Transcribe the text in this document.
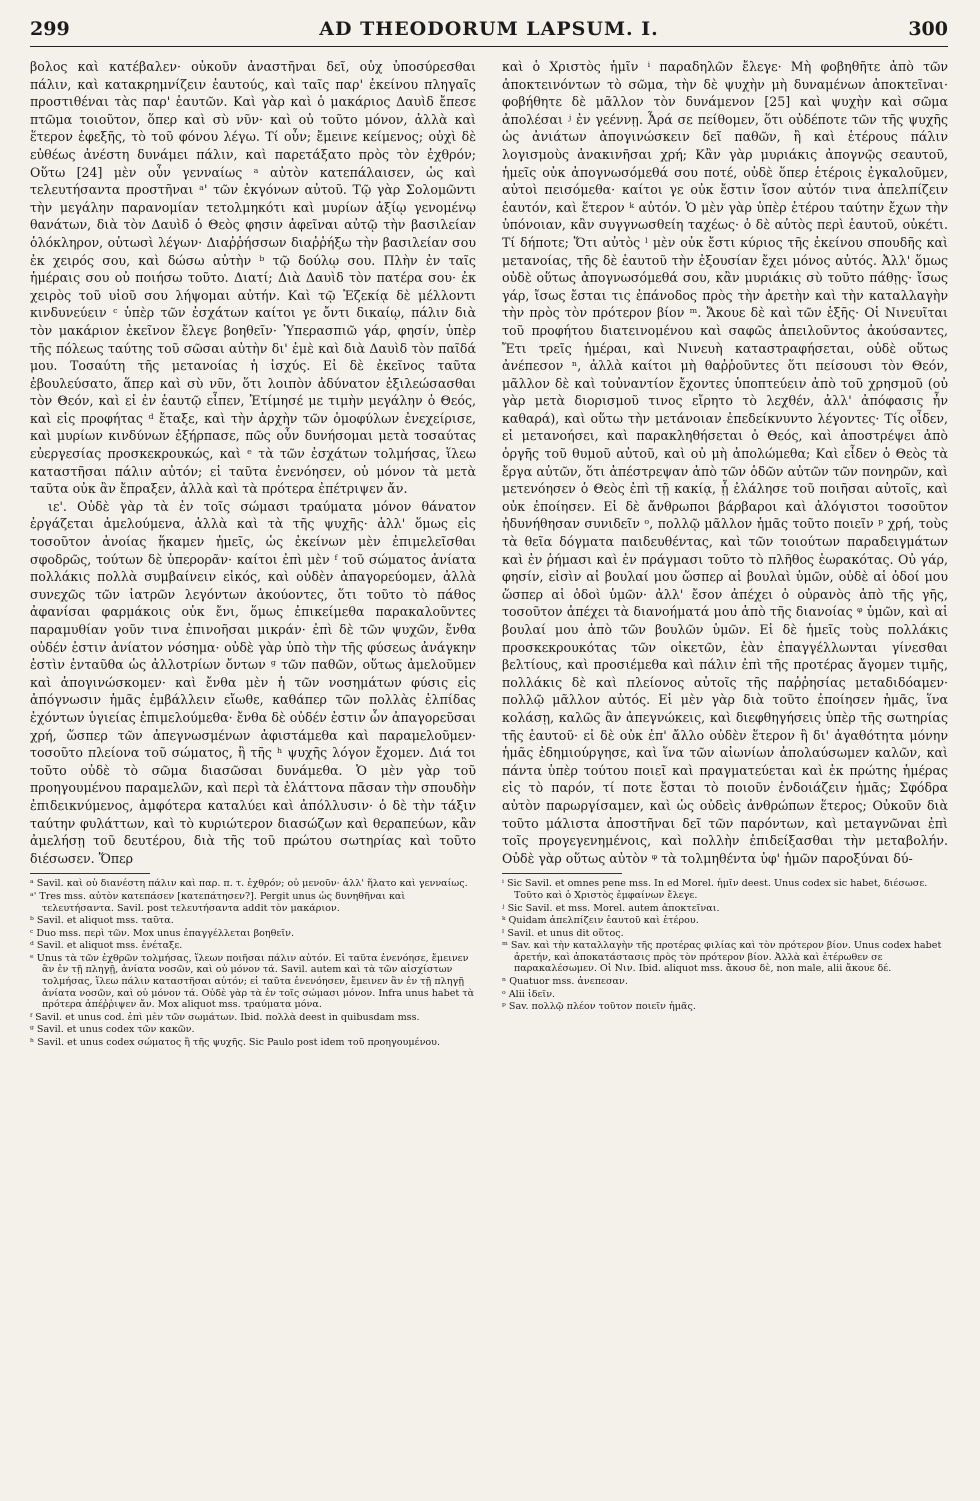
299	AD THEODORUM LAPSUM. I.	300

βολος καὶ κατέβαλεν· οὐκοῦν ἀναστῆναι δεῖ, οὐχ ὑποσύρεσθαι πάλιν, καὶ κατακρημνίζειν ἑαυτούς, καὶ ταῖς παρ' ἐκείνου πληγαῖς προστιθέναι τὰς παρ' ἑαυτῶν. Καὶ γὰρ καὶ ὁ μακάριος Δαυὶδ ἔπεσε πτῶμα τοιοῦτον, ὅπερ καὶ σὺ νῦν· καὶ οὐ τοῦτο μόνον, ἀλλὰ καὶ ἕτερον ἐφεξῆς, τὸ τοῦ φόνου λέγω. Τί οὖν; ἔμεινε κείμενος; οὐχὶ δὲ εὐθέως ἀνέστη δυνάμει πάλιν, καὶ παρετάξατο πρὸς τὸν ἐχθρόν; Οὕτω [24] μὲν οὖν γενναίως ᵃ αὐτὸν κατεπάλαισεν, ὡς καὶ τελευτήσαντα προστῆναι ᵃ' τῶν ἐκγόνων αὐτοῦ. Τῷ γὰρ Σολομῶντι τὴν μεγάλην παρανομίαν τετολμηκότι καὶ μυρίων ἀξίῳ γενομένῳ θανάτων, διὰ τὸν Δαυὶδ ὁ Θεὸς φησιν ἀφεῖναι αὐτῷ τὴν βασιλείαν ὁλόκληρον, οὑτωσὶ λέγων· Διαῤῥήσσων διαῤῥήξω τὴν βασιλείαν σου ἐκ χειρός σου, καὶ δώσω αὐτὴν ᵇ τῷ δούλῳ σου. Πλὴν ἐν ταῖς ἡμέραις σου οὐ ποιήσω τοῦτο. Διατί; Διὰ Δαυὶδ τὸν πατέρα σου· ἐκ χειρὸς τοῦ υἱοῦ σου λήψομαι αὐτήν. Καὶ τῷ Ἐζεκίᾳ δὲ μέλλοντι κινδυνεύειν ᶜ ὑπὲρ τῶν ἐσχάτων καίτοι γε ὄντι δικαίῳ, πάλιν διὰ τὸν μακάριον ἐκεῖνον ἔλεγε βοηθεῖν· Ὑπερασπιῶ γάρ, φησίν, ὑπὲρ τῆς πόλεως ταύτης τοῦ σῶσαι αὐτὴν δι' ἐμὲ καὶ διὰ Δαυὶδ τὸν παῖδά μου. Τοσαύτη τῆς μετανοίας ἡ ἰσχύς. Εἰ δὲ ἐκεῖνος ταῦτα ἐβουλεύσατο, ἅπερ καὶ σὺ νῦν, ὅτι λοιπὸν ἀδύνατον ἐξιλεώσασθαι τὸν Θεόν, καὶ εἰ ἐν ἑαυτῷ εἶπεν, Ἐτίμησέ με τιμὴν μεγάλην ὁ Θεός, καὶ εἰς προφήτας ᵈ ἔταξε, καὶ τὴν ἀρχὴν τῶν ὁμοφύλων ἐνεχείρισε, καὶ μυρίων κινδύνων ἐξήρπασε, πῶς οὖν δυνήσομαι μετὰ τοσαύτας εὐεργεσίας προσκεκρουκώς, καὶ ᵉ τὰ τῶν ἐσχάτων τολμήσας, ἵλεω καταστῆσαι πάλιν αὐτόν; εἰ ταῦτα ἐνενόησεν, οὐ μόνον τὰ μετὰ ταῦτα οὐκ ἂν ἔπραξεν, ἀλλὰ καὶ τὰ πρότερα ἐπέτριψεν ἄν.

ιε'. Οὐδὲ γὰρ τὰ ἐν τοῖς σώμασι τραύματα μόνον θάνατον ἐργάζεται ἀμελούμενα, ἀλλὰ καὶ τὰ τῆς ψυχῆς· ἀλλ' ὅμως εἰς τοσοῦτον ἀνοίας ἥκαμεν ἡμεῖς, ὡς ἐκείνων μὲν ἐπιμελεῖσθαι σφοδρῶς, τούτων δὲ ὑπερορᾶν· καίτοι ἐπὶ μὲν ᶠ τοῦ σώματος ἀνίατα πολλάκις πολλὰ συμβαίνειν εἰκός, καὶ οὐδὲν ἀπαγορεύομεν, ἀλλὰ συνεχῶς τῶν ἰατρῶν λεγόντων ἀκούοντες, ὅτι τοῦτο τὸ πάθος ἀφανίσαι φαρμάκοις οὐκ ἔνι, ὅμως ἐπικείμεθα παρακαλοῦντες παραμυθίαν γοῦν τινα ἐπινοῆσαι μικράν· ἐπὶ δὲ τῶν ψυχῶν, ἔνθα οὐδέν ἐστιν ἀνίατον νόσημα· οὐδὲ γὰρ ὑπὸ τὴν τῆς φύσεως ἀνάγκην ἐστὶν ἐνταῦθα ὡς ἀλλοτρίων ὄντων ᵍ τῶν παθῶν, οὕτως ἀμελοῦμεν καὶ ἀπογινώσκομεν· καὶ ἔνθα μὲν ἡ τῶν νοσημάτων φύσις εἰς ἀπόγνωσιν ἡμᾶς ἐμβάλλειν εἴωθε, καθάπερ τῶν πολλὰς ἐλπίδας ἐχόντων ὑγιείας ἐπιμελούμεθα· ἔνθα δὲ οὐδέν ἐστιν ὧν ἀπαγορεῦσαι χρή, ὥσπερ τῶν ἀπεγνωσμένων ἀφιστάμεθα καὶ παραμελοῦμεν· τοσοῦτο πλείονα τοῦ σώματος, ἢ τῆς ʰ ψυχῆς λόγον ἔχομεν. Διά τοι τοῦτο οὐδὲ τὸ σῶμα διασῶσαι δυνάμεθα. Ὁ μὲν γὰρ τοῦ προηγουμένου παραμελῶν, καὶ περὶ τὰ ἐλάττονα πᾶσαν τὴν σπουδὴν ἐπιδεικνύμενος, ἀμφότερα καταλύει καὶ ἀπόλλυσιν· ὁ δὲ τὴν τάξιν ταύτην φυλάττων, καὶ τὸ κυριώτερον διασώζων καὶ θεραπεύων, κἂν ἀμελήσῃ τοῦ δευτέρου, διὰ τῆς τοῦ πρώτου σωτηρίας καὶ τοῦτο διέσωσεν. Ὅπερ

ᵃ Savil. καὶ οὐ διανέστη πάλιν καὶ παρ. π. τ. ἐχθρόν; οὐ μενοῦν· ἀλλ' ἥλατο καὶ γενναίως.
ᵃ' Tres mss. αὐτὸν κατεπάσεν [κατεπάτησεν?]. Pergit unus ὡς δυνηθῆναι καὶ τελευτήσαντα. Savil. post τελευτήσαντα addit τὸν μακάριον.
ᵇ Savil. et aliquot mss. ταῦτα.
ᶜ Duo mss. περὶ τῶν. Mox unus ἐπαγγέλλεται βοηθεῖν.
ᵈ Savil. et aliquot mss. ἐνέταξε.
ᵉ Unus τὰ τῶν ἐχθρῶν τολμήσας, ἵλεων ποιῆσαι πάλιν αὐτόν. Εἰ ταῦτα ἐνενόησε, ἔμεινεν ἂν ἐν τῇ πληγῇ, ἀνίατα νοσῶν, καὶ οὐ μόνον τά. Savil. autem καὶ τὰ τῶν αἰσχίστων τολμήσας, ἵλεω πάλιν καταστῆσαι αὐτόν; εἰ ταῦτα ἐνενόησεν, ἔμεινεν ἂν ἐν τῇ πληγῇ ἀνίατα νοσῶν, καὶ οὐ μόνον τά. Οὐδὲ γὰρ τὰ ἐν τοῖς σώμασι μόνον. Infra unus habet τὰ πρότερα ἀπέῤῥιψεν ἄν. Mox aliquot mss. τραύματα μόνα.
ᶠ Savil. et unus cod. ἐπὶ μὲν τῶν σωμάτων. Ibid. πολλὰ deest in quibusdam mss.
ᵍ Savil. et unus codex τῶν κακῶν.
ʰ Savil. et unus codex σώματος ἢ τῆς ψυχῆς. Sic Paulo post idem τοῦ προηγουμένου.

καὶ ὁ Χριστὸς ἡμῖν ⁱ παραδηλῶν ἔλεγε· Μὴ φοβηθῆτε ἀπὸ τῶν ἀποκτεινόντων τὸ σῶμα, τὴν δὲ ψυχὴν μὴ δυναμένων ἀποκτεῖναι· φοβήθητε δὲ μᾶλλον τὸν δυνάμενον [25] καὶ ψυχὴν καὶ σῶμα ἀπολέσαι ʲ ἐν γεέννῃ. Ἆρά σε πείθομεν, ὅτι οὐδέποτε τῶν τῆς ψυχῆς ὡς ἀνιάτων ἀπογινώσκειν δεῖ παθῶν, ἢ καὶ ἑτέρους πάλιν λογισμοὺς ἀνακινῆσαι χρή; Κἂν γὰρ μυριάκις ἀπογνῷς σεαυτοῦ, ἡμεῖς οὐκ ἀπογνωσόμεθά σου ποτέ, οὐδὲ ὅπερ ἑτέροις ἐγκαλοῦμεν, αὐτοὶ πεισόμεθα· καίτοι γε οὐκ ἔστιν ἴσον αὐτόν τινα ἀπελπίζειν ἑαυτόν, καὶ ἕτερον ᵏ αὐτόν. Ὁ μὲν γὰρ ὑπὲρ ἑτέρου ταύτην ἔχων τὴν ὑπόνοιαν, κἂν συγγνωσθείη ταχέως· ὁ δὲ αὐτὸς περὶ ἑαυτοῦ, οὐκέτι. Τί δήποτε; Ὅτι αὐτὸς ˡ μὲν οὐκ ἔστι κύριος τῆς ἐκείνου σπουδῆς καὶ μετανοίας, τῆς δὲ ἑαυτοῦ τὴν ἐξουσίαν ἔχει μόνος αὐτός. Ἀλλ' ὅμως οὐδὲ οὕτως ἀπογνωσόμεθά σου, κἂν μυριάκις σὺ τοῦτο πάθῃς· ἴσως γάρ, ἴσως ἔσται τις ἐπάνοδος πρὸς τὴν ἀρετὴν καὶ τὴν καταλλαγὴν τὴν πρὸς τὸν πρότερον βίον ᵐ. Ἄκουε δὲ καὶ τῶν ἑξῆς· Οἱ Νινευῖται τοῦ προφήτου διατεινομένου καὶ σαφῶς ἀπειλοῦντος ἀκούσαντες, Ἔτι τρεῖς ἡμέραι, καὶ Νινευὴ καταστραφήσεται, οὐδὲ οὕτως ἀνέπεσον ⁿ, ἀλλὰ καίτοι μὴ θαῤῥοῦντες ὅτι πείσουσι τὸν Θεόν, μᾶλλον δὲ καὶ τοὐναντίον ἔχοντες ὑποπτεύειν ἀπὸ τοῦ χρησμοῦ (οὐ γὰρ μετὰ διορισμοῦ τινος εἴρητο τὸ λεχθέν, ἀλλ' ἀπόφασις ἦν καθαρά), καὶ οὕτω τὴν μετάνοιαν ἐπεδείκνυντο λέγοντες· Τίς οἶδεν, εἰ μετανοήσει, καὶ παρακληθήσεται ὁ Θεός, καὶ ἀποστρέψει ἀπὸ ὀργῆς τοῦ θυμοῦ αὐτοῦ, καὶ οὐ μὴ ἀπολώμεθα; Καὶ εἶδεν ὁ Θεὸς τὰ ἔργα αὐτῶν, ὅτι ἀπέστρεψαν ἀπὸ τῶν ὁδῶν αὐτῶν τῶν πονηρῶν, καὶ μετενόησεν ὁ Θεὸς ἐπὶ τῇ κακίᾳ, ᾗ ἐλάλησε τοῦ ποιῆσαι αὐτοῖς, καὶ οὐκ ἐποίησεν. Εἰ δὲ ἄνθρωποι βάρβαροι καὶ ἀλόγιστοι τοσοῦτον ἠδυνήθησαν συνιδεῖν ᵒ, πολλῷ μᾶλλον ἡμᾶς τοῦτο ποιεῖν ᵖ χρή, τοὺς τὰ θεῖα δόγματα παιδευθέντας, καὶ τῶν τοιούτων παραδειγμάτων καὶ ἐν ῥήμασι καὶ ἐν πράγμασι τοῦτο τὸ πλῆθος ἑωρακότας. Οὐ γάρ, φησίν, εἰσὶν αἱ βουλαί μου ὥσπερ αἱ βουλαὶ ὑμῶν, οὐδὲ αἱ ὁδοί μου ὥσπερ αἱ ὁδοὶ ὑμῶν· ἀλλ' ἔσον ἀπέχει ὁ οὐρανὸς ἀπὸ τῆς γῆς, τοσοῦτον ἀπέχει τὰ διανοήματά μου ἀπὸ τῆς διανοίας ᵠ ὑμῶν, καὶ αἱ βουλαί μου ἀπὸ τῶν βουλῶν ὑμῶν. Εἰ δὲ ἡμεῖς τοὺς πολλάκις προσκεκρουκότας τῶν οἰκετῶν, ἐὰν ἐπαγγέλλωνται γίνεσθαι βελτίους, καὶ προσιέμεθα καὶ πάλιν ἐπὶ τῆς προτέρας ἄγομεν τιμῆς, πολλάκις δὲ καὶ πλείονος αὐτοῖς τῆς παῤῥησίας μεταδιδόαμεν· πολλῷ μᾶλλον αὐτός. Εἰ μὲν γὰρ διὰ τοῦτο ἐποίησεν ἡμᾶς, ἵνα κολάσῃ, καλῶς ἂν ἀπεγνώκεις, καὶ διεφθηγήσεις ὑπὲρ τῆς σωτηρίας τῆς ἑαυτοῦ· εἰ δὲ οὐκ ἐπ' ἄλλο οὐδὲν ἕτερον ἢ δι' ἀγαθότητα μόνην ἡμᾶς ἐδημιούργησε, καὶ ἵνα τῶν αἰωνίων ἀπολαύσωμεν καλῶν, καὶ πάντα ὑπὲρ τούτου ποιεῖ καὶ πραγματεύεται καὶ ἐκ πρώτης ἡμέρας εἰς τὸ παρόν, τί ποτε ἔσται τὸ ποιοῦν ἐνδοιάζειν ἡμᾶς; Σφόδρα αὐτὸν παρωργίσαμεν, καὶ ὡς οὐδεὶς ἀνθρώπων ἕτερος; Οὐκοῦν διὰ τοῦτο μάλιστα ἀποστῆναι δεῖ τῶν παρόντων, καὶ μεταγνῶναι ἐπὶ τοῖς προγεγενημένοις, καὶ πολλὴν ἐπιδείξασθαι τὴν μεταβολήν. Οὐδὲ γὰρ οὕτως αὐτὸν ᵠ τὰ τολμηθέντα ὑφ' ἡμῶν παροξύναι δύ-

ⁱ Sic Savil. et omnes pene mss. In ed Morel. ἡμῖν deest. Unus codex sic habet, διέσωσε. Τοῦτο καὶ ὁ Χριστὸς ἐμφαίνων ἔλεγε.
ʲ Sic Savil. et mss. Morel. autem ἀποκτεῖναι.
ᵏ Quidam ἀπελπίζειν ἑαυτοῦ καὶ ἑτέρου.
ˡ Savil. et unus dit οὕτος.
ᵐ Sav. καὶ τὴν καταλλαγὴν τῆς προτέρας φιλίας καὶ τὸν πρότερον βίον. Unus codex habet ἀρετήν, καὶ ἀποκατάστασις πρὸς τὸν πρότερον βίον. Ἀλλὰ καὶ ἑτέρωθεν σε παρακαλέσωμεν. Οἱ Νιν. Ibid. aliquot mss. ἄκουσ δὲ, non male, alii ἄκουε δέ.
ⁿ Quatuor mss. ἀνεπεσαν.
ᵒ Alii ἰδεῖν.
ᵖ Sav. πολλῷ πλέον τοῦτον ποιεῖν ἡμᾶς.
